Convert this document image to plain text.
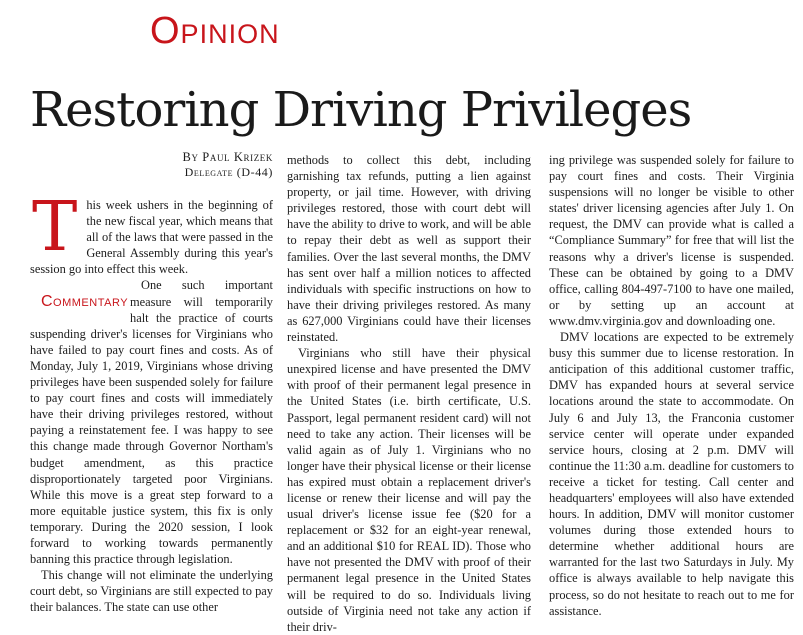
Opinion
Restoring Driving Privileges
By Paul Krizek
Delegate (D-44)
T his week ushers in the beginning of the new fiscal year, which means that all of the laws that were passed in the General Assembly during this year's session go into effect this week.

Commentary
One such important measure will temporarily halt the practice of courts suspending driver's licenses for Virginians who have failed to pay court fines and costs. As of Monday, July 1, 2019, Virginians whose driving privileges have been suspended solely for failure to pay court fines and costs will immediately have their driving privileges restored, without paying a reinstatement fee. I was happy to see this change made through Governor Northam's budget amendment, as this practice disproportionately targeted poor Virginians. While this move is a great step forward to a more equitable justice system, this fix is only temporary. During the 2020 session, I look forward to working towards permanently banning this practice through legislation.

This change will not eliminate the underlying court debt, so Virginians are still expected to pay their balances. The state can use other

methods to collect this debt, including garnishing tax refunds, putting a lien against property, or jail time. However, with driving privileges restored, those with court debt will have the ability to drive to work, and will be able to repay their debt as well as support their families. Over the last several months, the DMV has sent over half a million notices to affected individuals with specific instructions on how to have their driving privileges restored. As many as 627,000 Virginians could have their licenses reinstated.

Virginians who still have their physical unexpired license and have presented the DMV with proof of their permanent legal presence in the United States (i.e. birth certificate, U.S. Passport, legal permanent resident card) will not need to take any action. Their licenses will be valid again as of July 1. Virginians who no longer have their physical license or their license has expired must obtain a replacement driver's license or renew their license and will pay the usual driver's license issue fee ($20 for a replacement or $32 for an eight-year renewal, and an additional $10 for REAL ID). Those who have not presented the DMV with proof of their permanent legal presence in the United States will be required to do so. Individuals living outside of Virginia need not take any action if their driv-

ing privilege was suspended solely for failure to pay court fines and costs. Their Virginia suspensions will no longer be visible to other states' driver licensing agencies after July 1. On request, the DMV can provide what is called a “Compliance Summary” for free that will list the reasons why a driver's license is suspended. These can be obtained by going to a DMV office, calling 804-497-7100 to have one mailed, or by setting up an account at www.dmv.virginia.gov and downloading one.

DMV locations are expected to be extremely busy this summer due to license restoration. In anticipation of this additional customer traffic, DMV has expanded hours at several service locations around the state to accommodate. On July 6 and July 13, the Franconia customer service center will operate under expanded service hours, closing at 2 p.m. DMV will continue the 11:30 a.m. deadline for customers to receive a ticket for testing. Call center and headquarters' employees will also have extended hours. In addition, DMV will monitor customer volumes during those extended hours to determine whether additional hours are warranted for the last two Saturdays in July. My office is always available to help navigate this process, so do not hesitate to reach out to me for assistance.
